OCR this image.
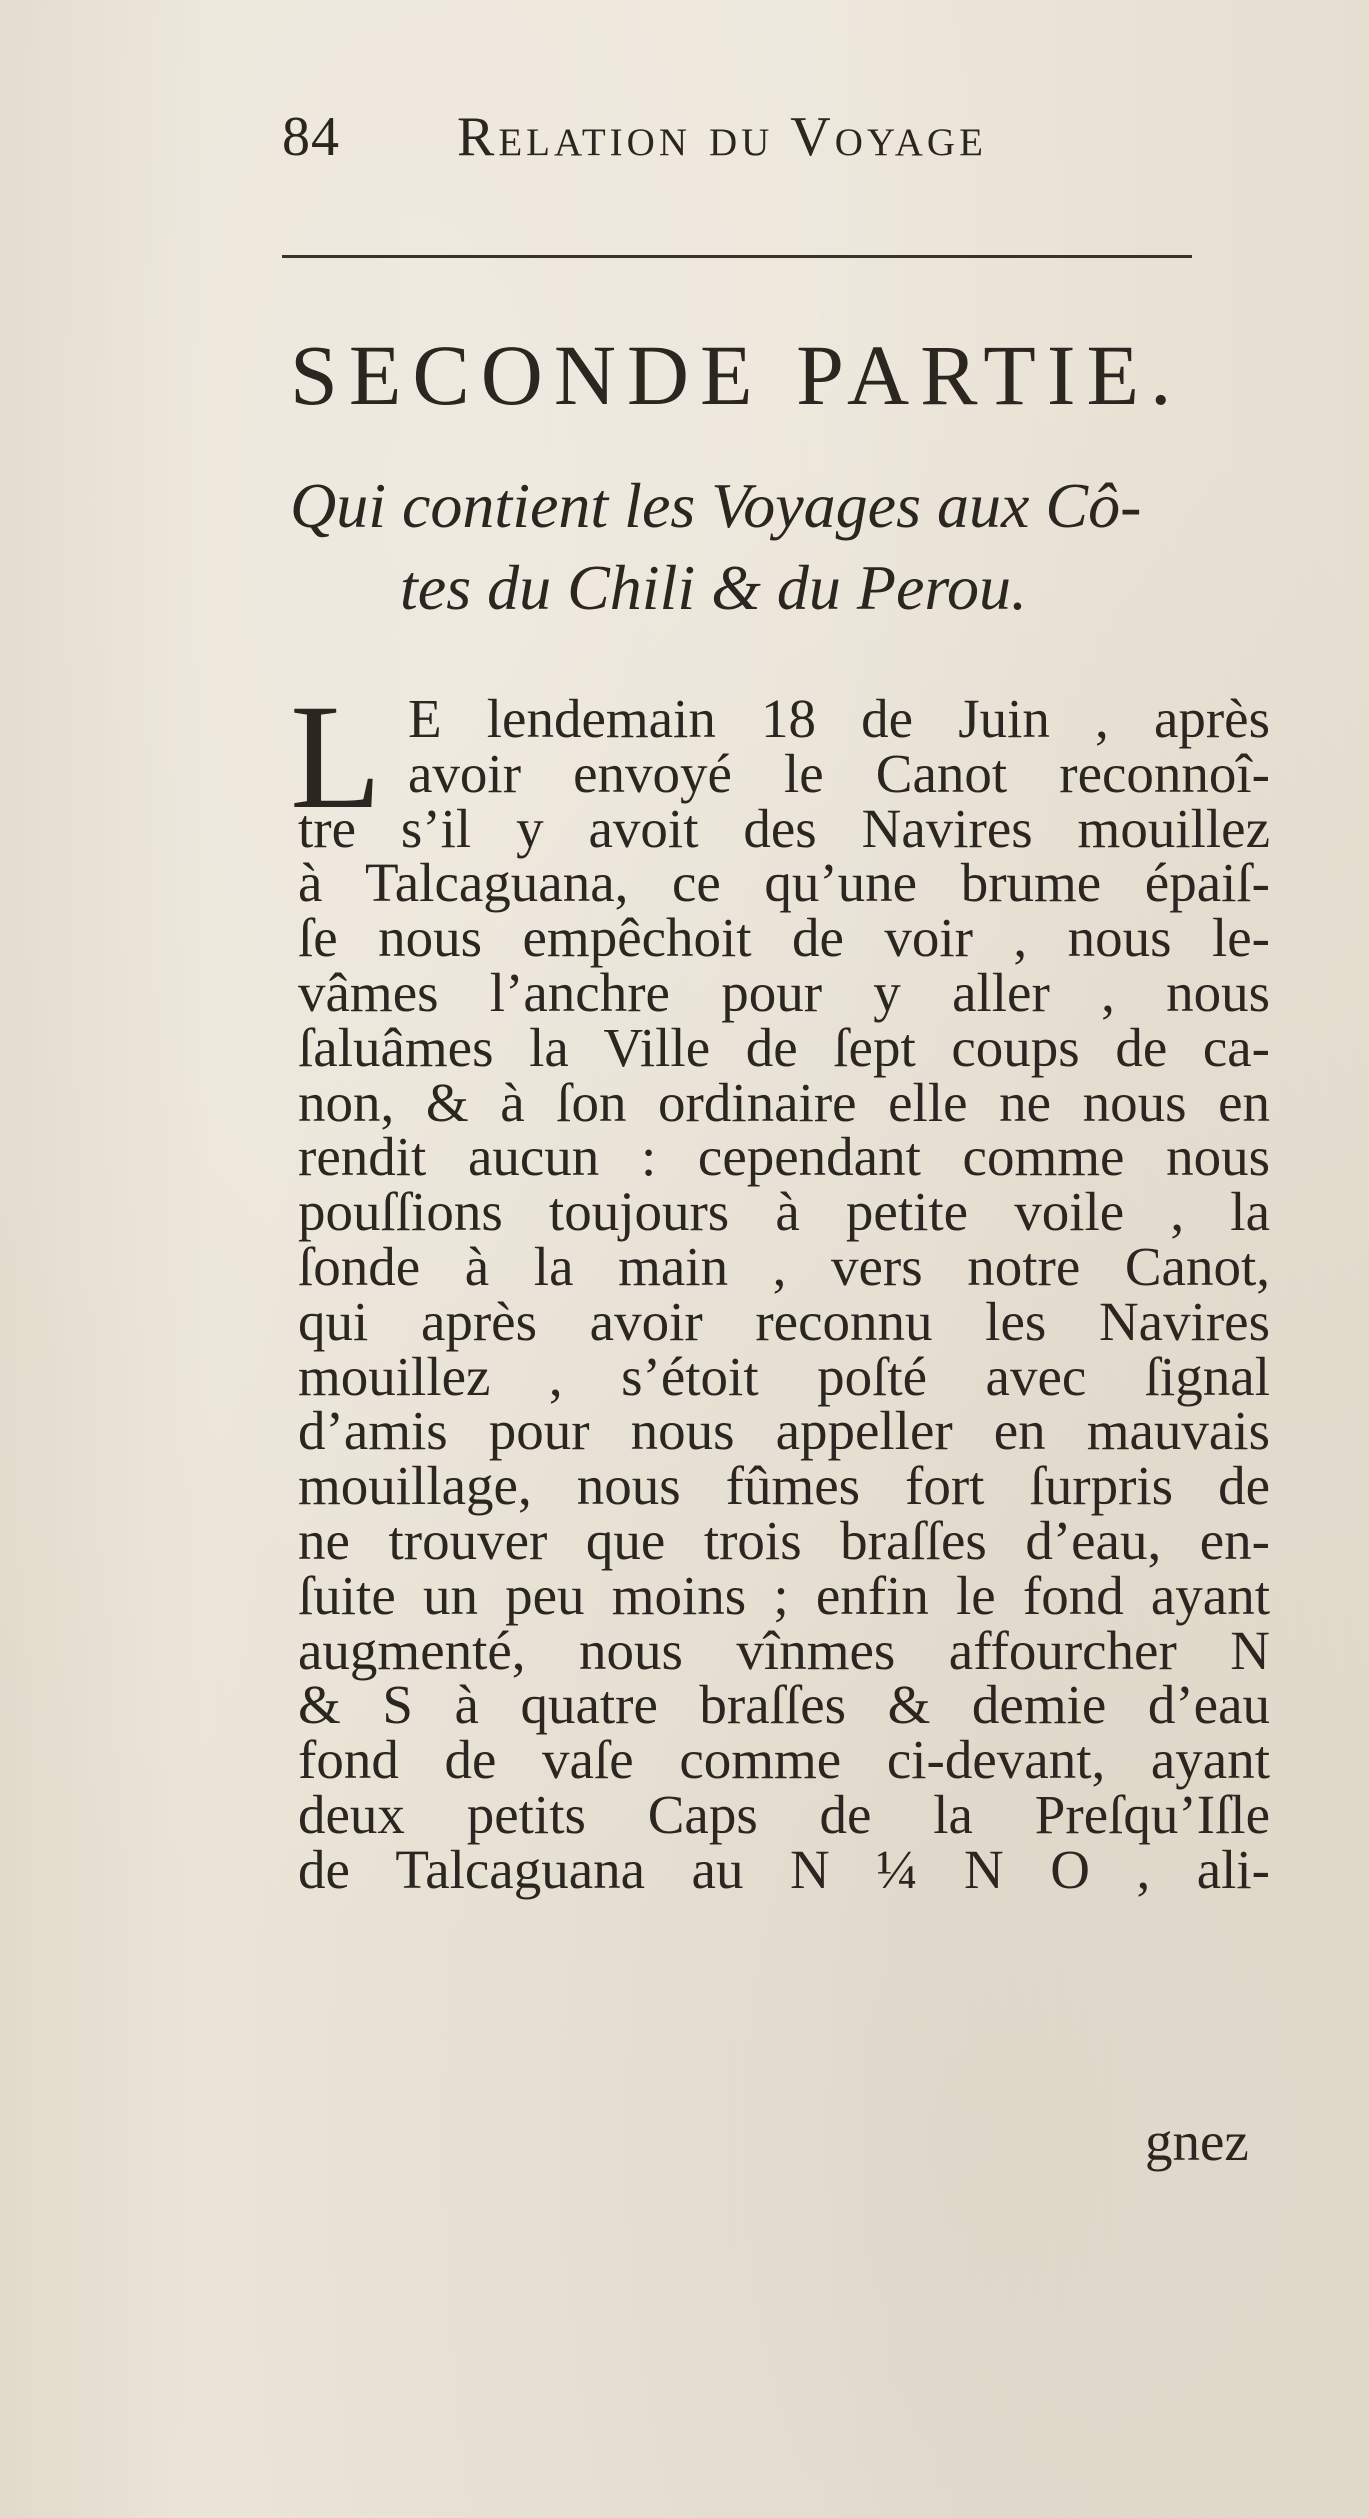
84 Relation du Voyage
SECONDE PARTIE.
Qui contient les Voyages aux Cô-
tes du Chili & du Perou.
L E lendemain 18 de Juin , après
avoir envoyé le Canot reconnoî-
tre s’il y avoit des Navires mouillez
à Talcaguana, ce qu’une brume épaiſ-
ſe nous empêchoit de voir , nous le-
vâmes l’anchre pour y aller , nous
ſaluâmes la Ville de ſept coups de ca-
non, & à ſon ordinaire elle ne nous en
rendit aucun : cependant comme nous
pouſſions toujours à petite voile , la
ſonde à la main , vers notre Canot,
qui après avoir reconnu les Navires
mouillez , s’étoit poſté avec ſignal
d’amis pour nous appeller en mauvais
mouillage, nous fûmes fort ſurpris de
ne trouver que trois braſſes d’eau, en-
ſuite un peu moins ; enfin le fond ayant
augmenté, nous vînmes affourcher N
& S à quatre braſſes & demie d’eau
fond de vaſe comme ci-devant, ayant
deux petits Caps de la Preſqu’Iſle
de Talcaguana au N ¼ N O , ali-
gnez
